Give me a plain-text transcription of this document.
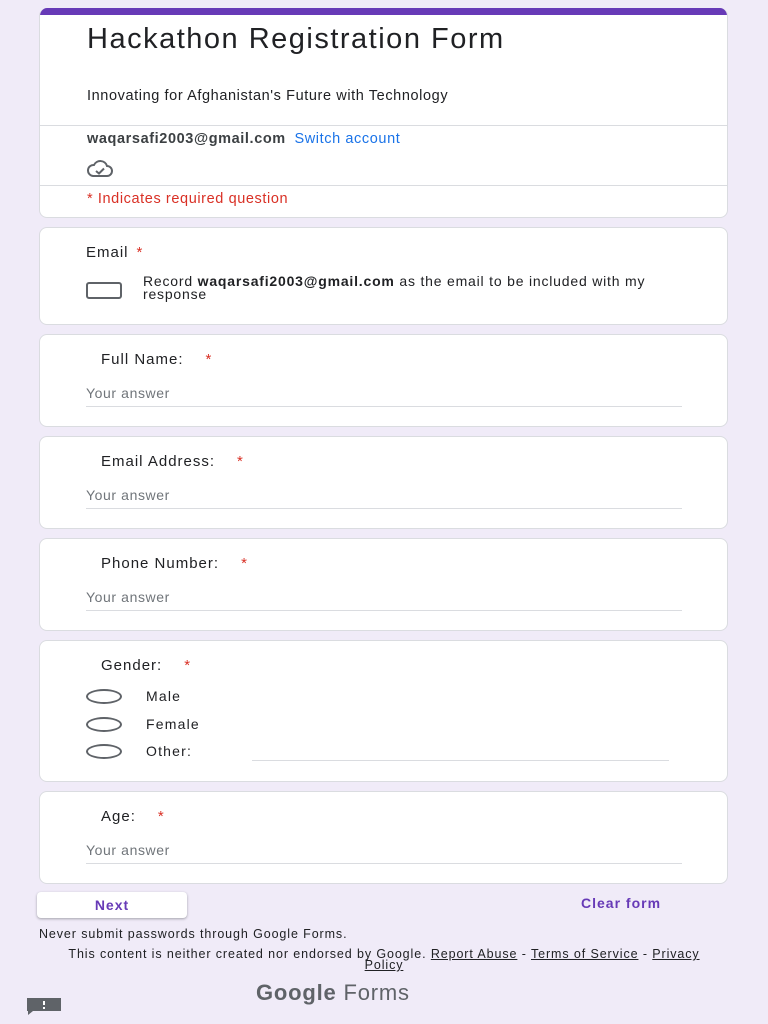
Hackathon Registration Form
Innovating for Afghanistan's Future with Technology
waqarsafi2003@gmail.com Switch account
* Indicates required question
Email *
Record waqarsafi2003@gmail.com as the email to be included with my response
Full Name: *
Your answer
Email Address: *
Your answer
Phone Number: *
Your answer
Gender: *
Male
Female
Other:
Age: *
Your answer
Next	Clear form
Never submit passwords through Google Forms.
This content is neither created nor endorsed by Google. Report Abuse - Terms of Service - Privacy Policy
Google Forms
